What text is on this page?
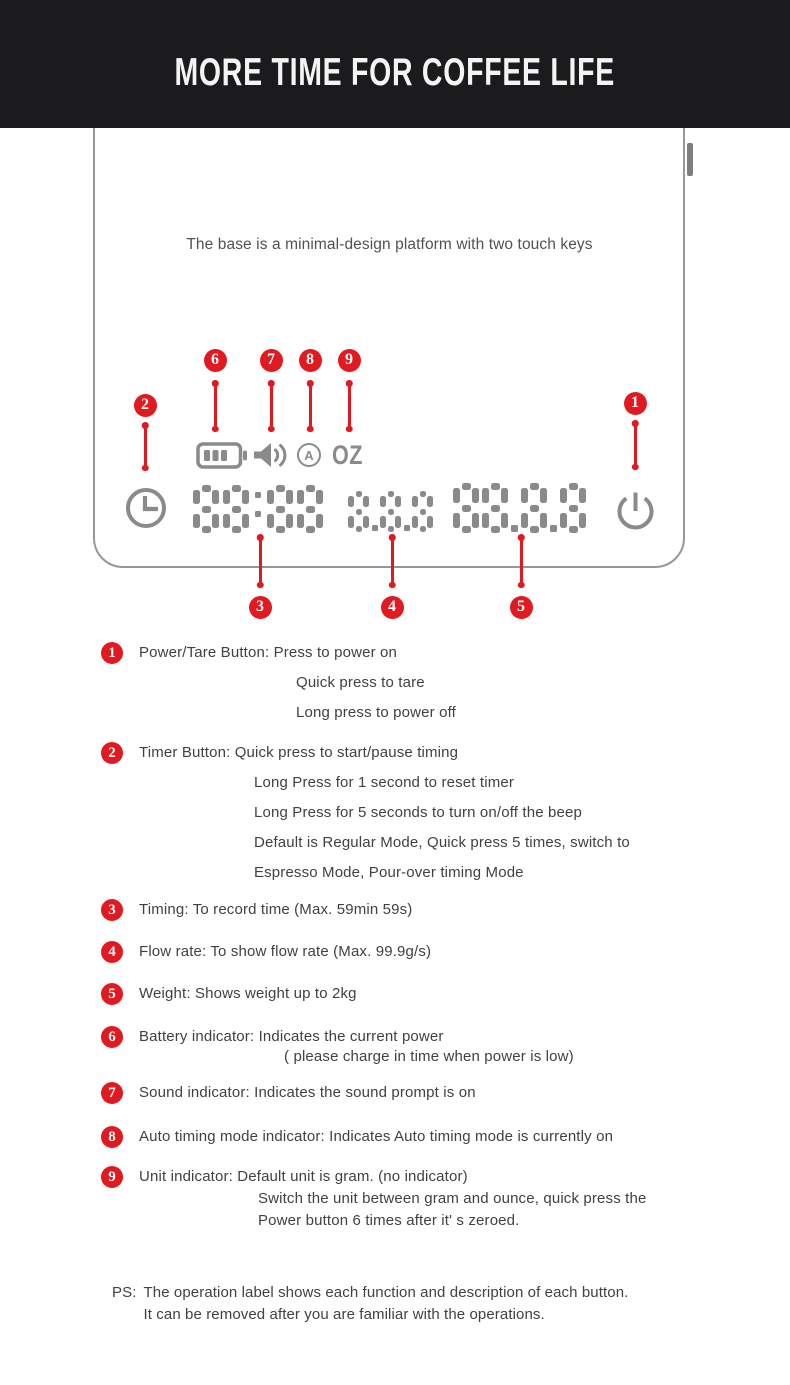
MORE TIME FOR COFFEE LIFE
The base is a minimal-design platform with two touch keys
A OZ
1
2
6	7	8	9
3	4	5
1	Power/Tare Button: Press to power on
Quick press to tare
Long press to power off
2	Timer Button: Quick press to start/pause timing
Long Press for 1 second to reset timer
Long Press for 5 seconds to turn on/off the beep
Default is Regular Mode, Quick press 5 times, switch to
Espresso Mode, Pour-over timing Mode
3	Timing: To record time (Max. 59min 59s)
4	Flow rate: To show flow rate (Max. 99.9g/s)
5	Weight: Shows weight up to 2kg
6	Battery indicator: Indicates the current power
( please charge in time when power is low)
7	Sound indicator: Indicates the sound prompt is on
8	Auto timing mode indicator: Indicates Auto timing mode is currently on
9	Unit indicator: Default unit is gram. (no indicator)
Switch the unit between gram and ounce, quick press the
Power button 6 times after it' s zeroed.
PS: The operation label shows each function and description of each button.
It can be removed after you are familiar with the operations.
